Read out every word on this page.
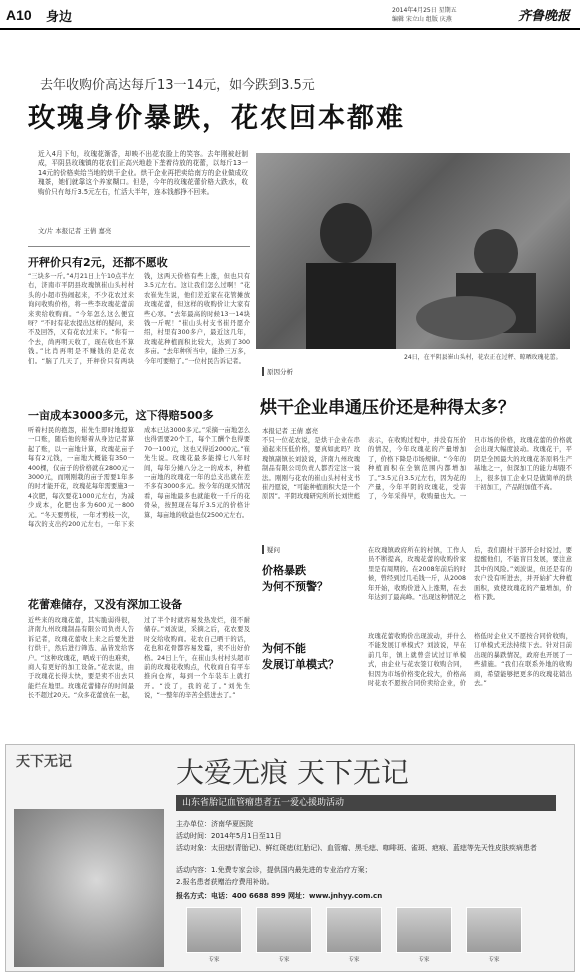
A10 身边	2014年4月25日 星期五
编辑 宋立山 组版 庆燕	齐鲁晚报
去年收购价高达每斤13一14元，如今跌到3.5元
玫瑰身价暴跌，花农回本都难
近入4月下旬，玫瑰花渐香，却映不出花农脸上的笑容。去年刚被赶制成，平阴县玫瑰镇的花农们正高兴地趁下垄着待放的花蕾，以每斤13一14元的价格卖给当地的烘干企业。烘干企业再把卖给南方的企业做成玫瑰茶，她们就靠这个养家糊口。但是，今年的玫瑰花蕾价格大跌水，收购价只有每斤3.5元左右，忙活大半年，连本钱都挣不回来。
文/片 本报记者 王倩 嘉亮
开秤价只有2元，还都不愿收
“三块多一斤。”4月21日上午10点半左右，济南市平阴县玫瑰镇崔山头村村头的小超市热闹起来，不少花农过来询问收购价格，将一些李玫瑰花蕾前来卖给收购商。“今年怎么这么便宜呀？”不时有花农提出这样的疑问，来不及回答，又有花农过来下。“你有一个去，尚再明天收了，现在收也不算钱。”比肖再明是不赚钱的是花农们。“脑了几天了，开秤价只有两块钱，这两天价格有些上涨，但也只有3.5元左右。这让我们怎么过啊！”花农崔先生说，他们差近家在花管摊放玫瑰花蕾，但这样的收购价让大家有些心寒。“去年最高的时候13一14块钱一斤呢！”崔山头村支书崔丹愿介绍，村里有300多户，最近这几年，玫瑰花种植面积比较大，达到了300多亩。“去年种所当中，能挣三万多，今年可要赔了。”一位村民告诉记者。
一亩成本3000多元，这下得赔500多
听着村民的抱怨，崔先生即时地提算一口账，随后他的掰着从身边记者算起了账，以一亩地计算，玫瑰花亩子每有2元钱，一亩地大概能有350一400棵，仅亩子的价格就在2800元一3000元，而刚刚栽的亩子需要1年多的时才能开花，玫瑰花每年需要施3一4次肥，每次要花1000元左右，为减少成本，化肥也多为600元一800元。“冬天要剪枝，一年才剪枝一次，每次的支出约200元左右，一年下来成本已达3000多元。”采摘一亩地怎么也得需要20个工，每个工酬个也得要70一100元，这也又得近2000元。”崔先生说。玫瑰花最多能撑七八年时间，每年分摊八分之一的成本，种植一亩地的玫瑰花一年的总支出就在差不多有3000多元。按今年的现买情况看，每亩地最多也就能收一千斤的花骨朵，按照现在每斤3.5元的价格计算，每亩地的收益也仅2500元左右。
花蕾难储存，又没有深加工设备
近些来的玫瑰花蕾，其实脆弱得很，济南九州玫瑰制品有限公司负责人告诉记者，玫瑰花蕾收上来之后要先进行烘干，然后进行筛选、晶皆发给客户。“这种玫瑰花，晒成干的也难卖，商人有更好的加工设备。”花农说，由于玫瑰花长得太快，要是卖不出去只能烂在地里。玫瑰花蕾储存的时间最长不超过20天。“众多花蕾放在一起，过了半个时就容易发热发烂，很不耐储存。”刘波说，采摘之后，花农要及时交给收购商。花农自己晒干的话，花也和花骨都容易发霉，卖不出好价格。24日上午，在崔山头村村头超市前的玫瑰花收购点，代收商自有平车推向仓库，每到一个车装车上就打开。“没了，我的花了。”刘先生说，“一整年的辛苦全搭进去了。”
24日，在平阴县崔山头村，花农正在过秤、晾晒玫瑰花蕾。
原因分析
烘干企业串通压价还是种得太多？
本报记者 王倩 嘉亮
不只一位花农说，是烘干企业在串通起来压低价格，要真如此吗？玫瑰镇副镇长刘波说，济南九州玫瑰制品有限公司负责人都否定这一说法。刚刚与花农的崔山头村村支书崔丹愿说，“可能种植面积大是一个原因”。平阴玫瑰研究所所长刘世彪表示，在收购过程中，并没有压价的情况，今年玫瑰花的产量增加了，价格下降是市场规律。“今年的种植面积在全镇范围内都增加了。”3.5元自3.5元左右，因为花的产量，今年平阴的玫瑰花，受害了，今年采得早，收购量也大。一旦市场的价格，玫瑰花蕾的价格就会出现大幅度波动。玫瑰花干，平阴是全国最大的玫瑰花茶原料生产基地之一，但深加工的能力却跟不上，很多加工企业只是做简单的烘干初加工，产品附加值不高。
疑问
价格暴跌
为何不预警？
在玫瑰镇政府所在的村镇，工作人员不断提高，玫瑰花蕾的收购价家里是有周期的。在2008年前后的时候，曾经到过几毛钱一斤，从2008年开始，收购价进入上涨期，在去年达到了最高峰。“出现这种情况之后，我们跟村干部开会时说过，要提醒他们，不能盲目发展，要注意其中的风险。”刘波说，但还是有的农户没有听进去，并开始扩大种植面积，致使玫瑰花的产量增加，价格下跌。
为何不能
发展订单模式？
玫瑰花蕾收购价出现波动，并什么不能发展订单模式？刘波说，早在前几年，镇上就曾尝试过订单模式，由企业与花农签订收购合同，但因为市场价格变化较大，价格高时花农不愿按合同价卖给企业，价格低时企业又不愿按合同价收购，订单模式无法持续下去。针对目前出现的暴跌情况，政府也开展了一些措施。“我们在联系外地的收购商，希望能够把更多的玫瑰花销出去。”
天下无记	大爱无痕 天下无记
山东省胎记血管瘤患者五一爱心援助活动
主办单位：济南华夏医院
活动时间：2014年5月1日至11日
活动对象：太田痣(青胎记)、鲜红斑痣(红胎记)、血管瘤、黑毛痣、咖啡斑、雀斑、疤痕、蓝痣等先天性皮肤疾病患者
活动内容：1.免费专家会诊，提供国内最先进的专业治疗方案；
2.报名患者获赠治疗费用补助。
报名方式：电话：400 6688 899 网址：www.jnhyy.com.cn
专家	专家	专家	专家	专家
